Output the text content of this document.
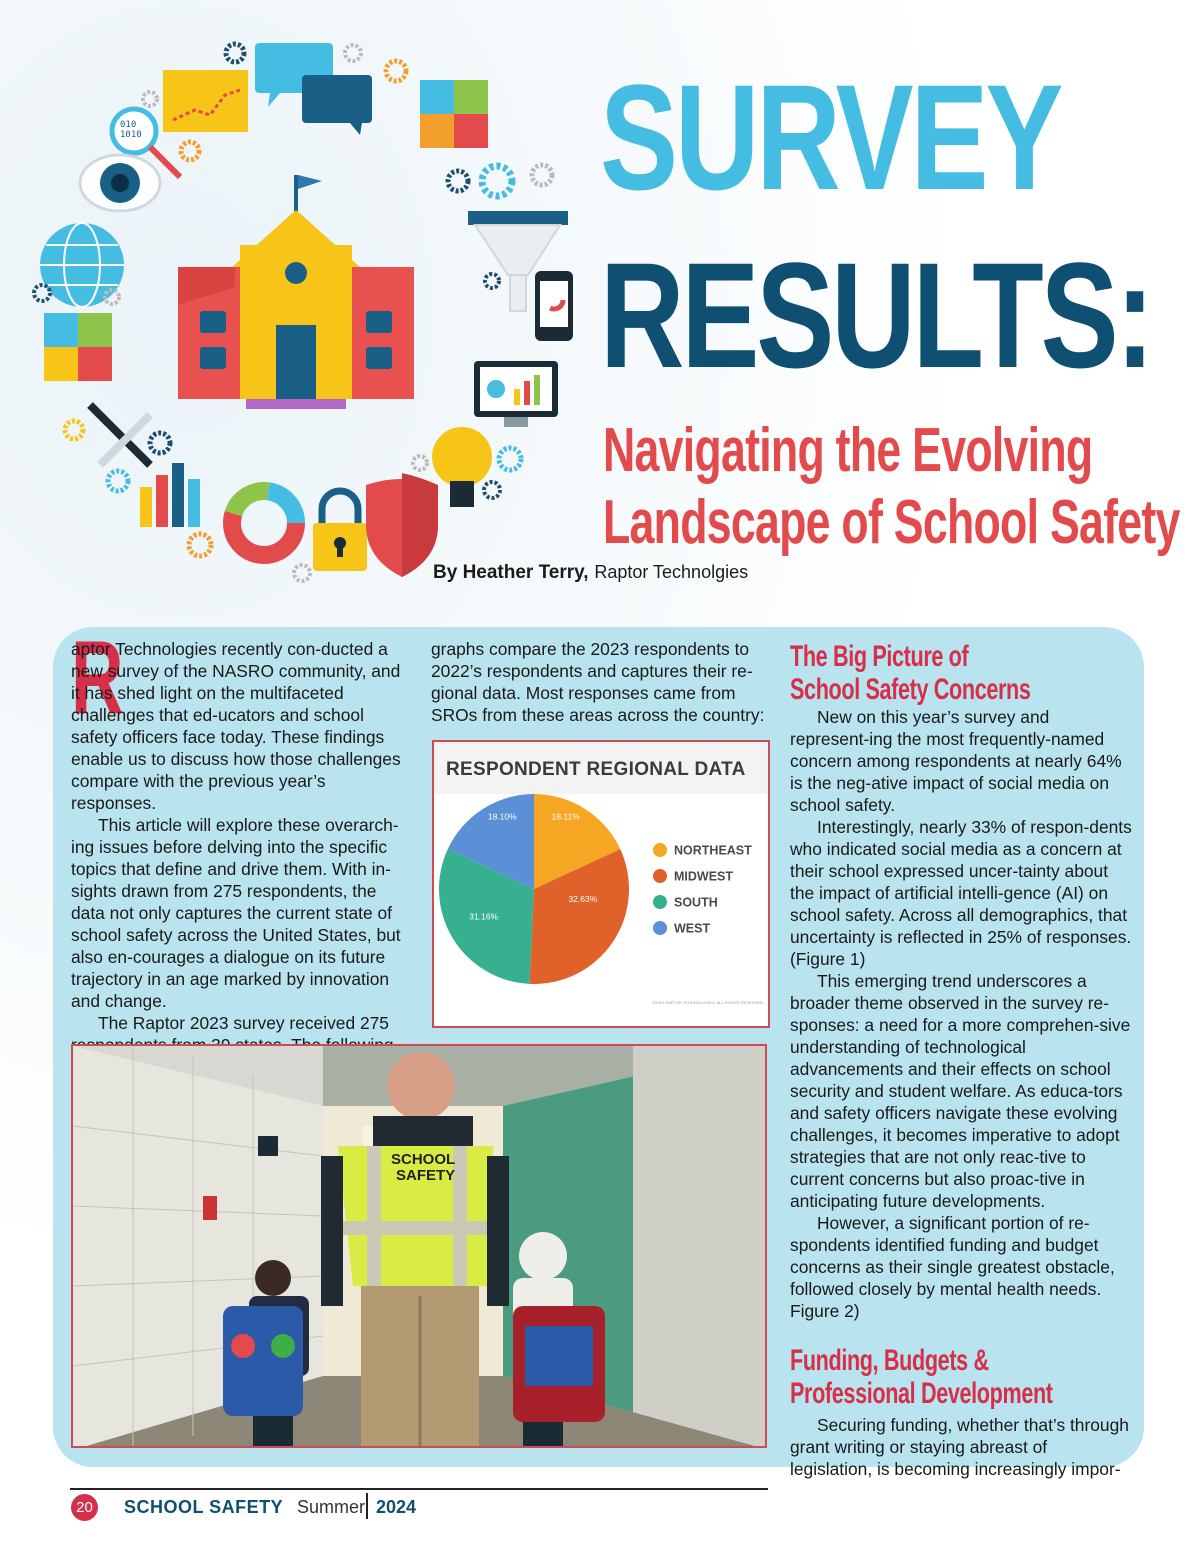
010
1010	SURVEY
RESULTS:
Navigating the Evolving
Landscape of School Safety
By Heather Terry, Raptor Technolgies
R

aptor Technologies recently con-ducted a new survey of the NASRO community, and it has shed light on the multifaceted challenges that ed-ucators and school safety officers face today. These findings enable us to discuss how those challenges compare with the previous year’s responses.

This article will explore these overarch-ing issues before delving into the specific topics that define and drive them. With in-sights drawn from 275 respondents, the data not only captures the current state of school safety across the United States, but also en-courages a dialogue on its future trajectory in an age marked by innovation and change.

The Raptor 2023 survey received 275

graphs compare the 2023 respondents to 2022’s respondents and captures their re-gional data. Most responses came from SROs from these areas across the country:

RESPONDENT REGIONAL DATA
18.11%
32.63%
31.16%
18.10%
NORTHEAST
MIDWEST
SOUTH
WEST
©2023 RAPTOR TECHNOLOGIES. ALL RIGHTS RESERVED.
SCHOOL
SAFETY
The Big Picture of
School Safety Concerns

New on this year’s survey and represent-ing the most frequently-named concern among respondents at nearly 64% is the neg-ative impact of social media on school safety.

Interestingly, nearly 33% of respon-dents who indicated social media as a concern at their school expressed uncer-tainty about the impact of artificial intelli-gence (AI) on school safety. Across all demographics, that uncertainty is reflected in 25% of responses. (Figure 1)

This emerging trend underscores a broader theme observed in the survey re-sponses: a need for a more comprehen-sive understanding of technological advancements and their effects on school security and student welfare. As educa-tors and safety officers navigate these evolving challenges, it becomes imperative to adopt strategies that are not only reac-tive to current concerns but also proac-tive in anticipating future developments.

However, a significant portion of re-spondents identified funding and budget concerns as their single greatest obstacle, followed closely by mental health needs. Figure 2)

Funding, Budgets &
Professional Development

Securing funding, whether that’s through grant writing or staying abreast of legislation, is becoming increasingly impor-

20 SCHOOL SAFETY Summer 2024
